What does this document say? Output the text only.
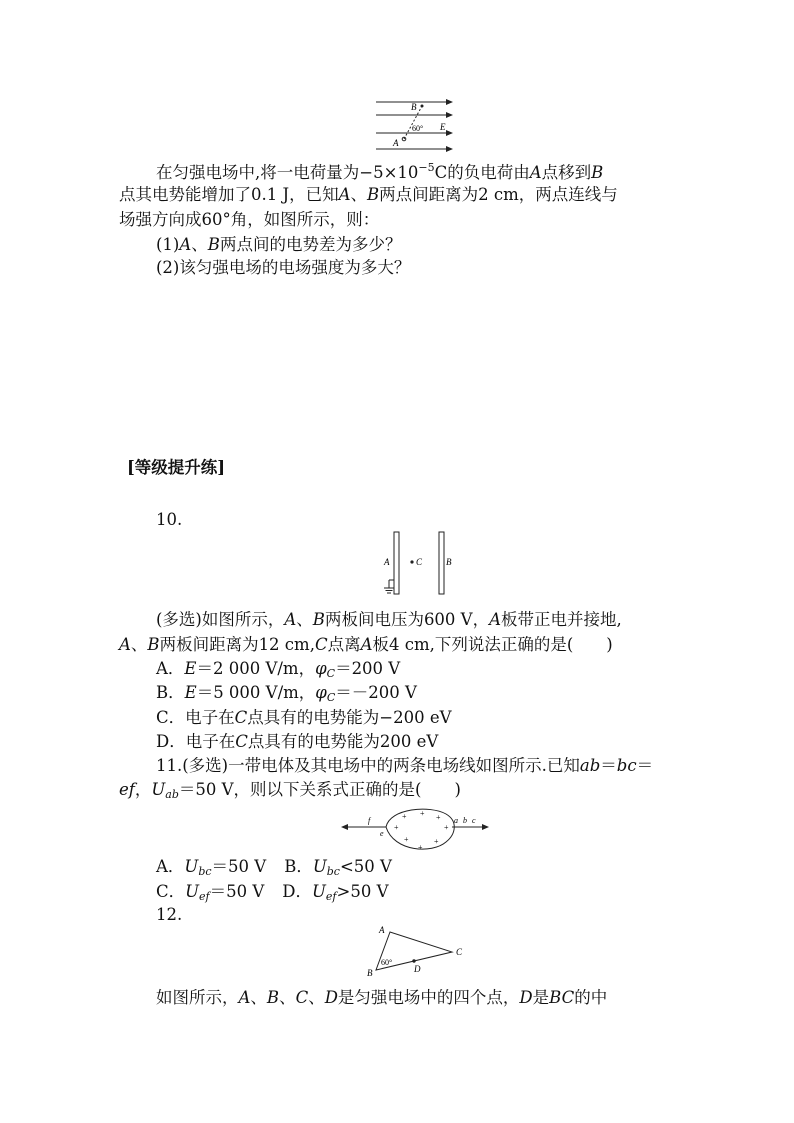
B
A
E
60°
在匀强电场中,将一电荷量为$-5\times 10^{-5}C$的负电荷由A点移到B
点其电势能增加了0.1 J，已知A、B两点间距离为2 cm，两点连线与
场强方向成60°角，如图所示，则：
(1)A、B两点间的电势差为多少？
(2)该匀强电场的电场强度为多大？
[等级提升练]
10.
A	C	B
(多选)如图所示，A、B两板间电压为600 V，A板带正电并接地,
A、B两板间距离为12 cm,C点离A板4 cm,下列说法正确的是(　　)
A．E＝2 000 V/m，$\varphi_C=200$ V
B．E＝5 000 V/m，$\varphi_C=-200$ V
C．电子在C点具有的电势能为−200 eV
D．电子在C点具有的电势能为200 eV
11.(多选)一带电体及其电场中的两条电场线如图所示.已知ab＝bc＝
ef，$U_{ab}=50$ V，则以下关系式正确的是(　　)
+ + +
+	+
+
+
+
f
e
a b c
A．$U_{bc}=50$ V B．$U_{bc}<50$ V
C．$U_{ef}=50$ V D．$U_{ef}>50$ V
12.
A
B
C
D
60°
如图所示，A、B、C、D是匀强电场中的四个点，D是BC的中
